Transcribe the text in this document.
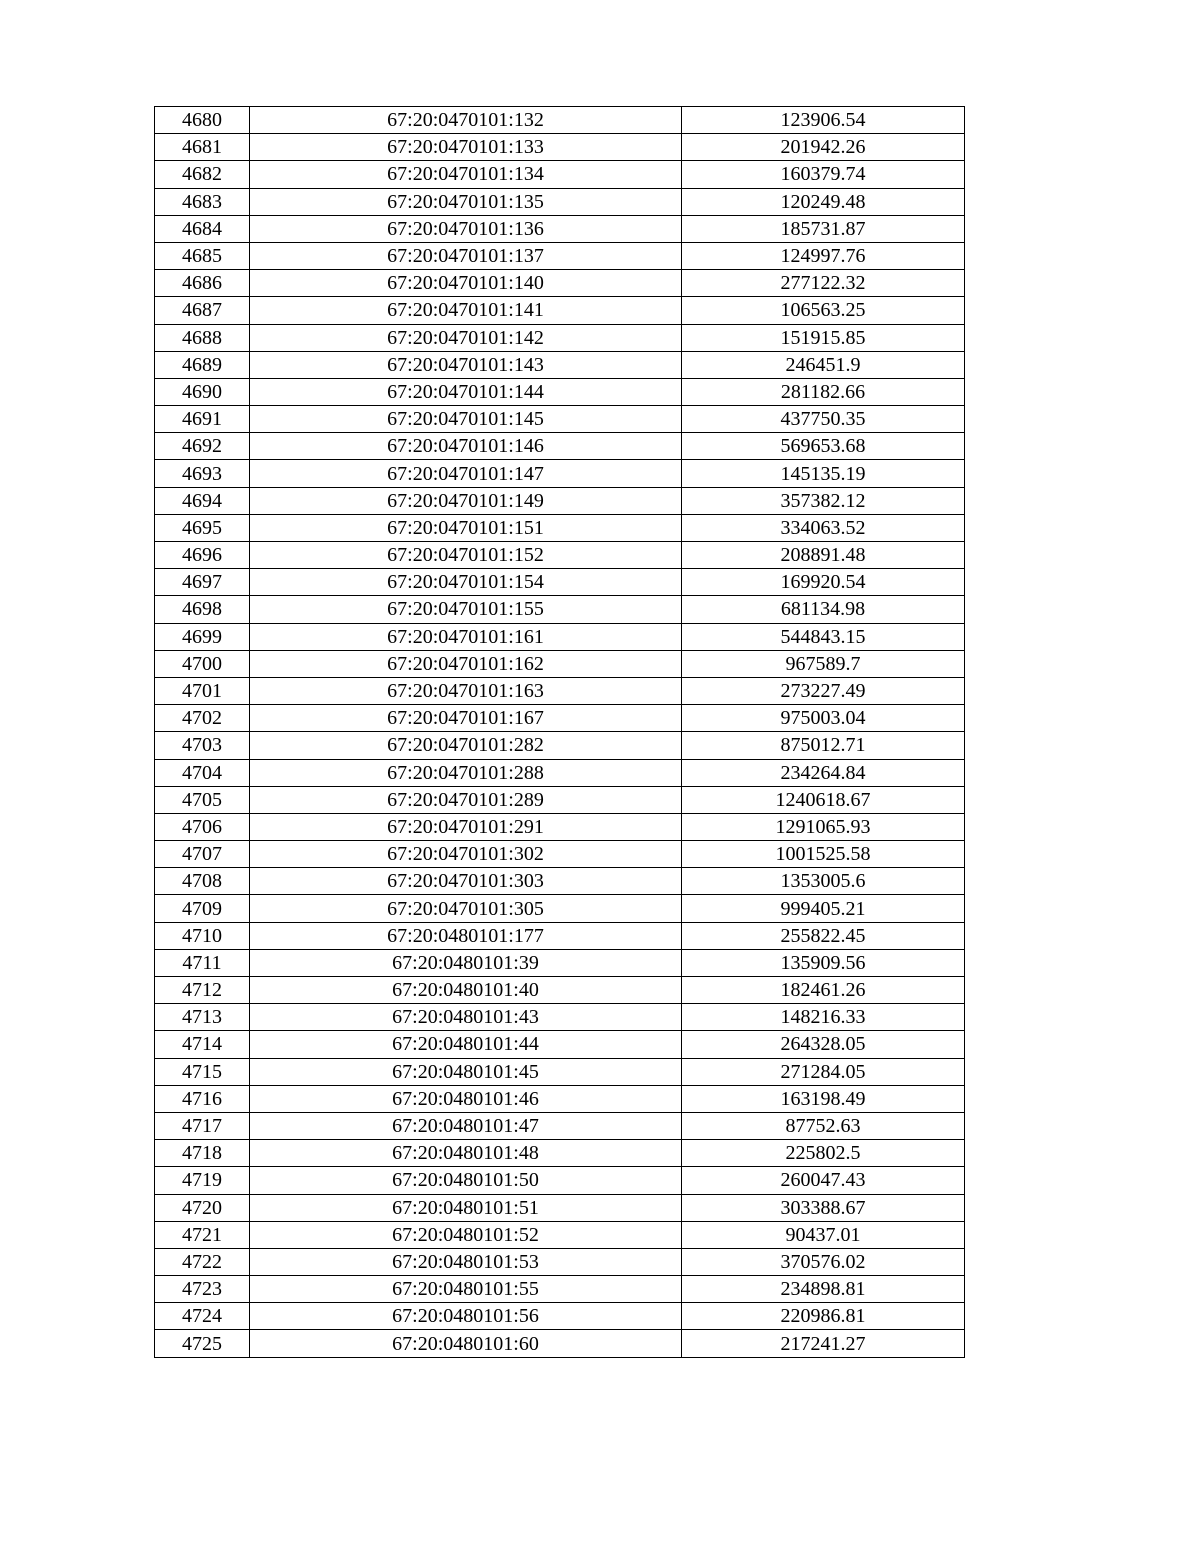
4680	67:20:0470101:132	123906.54
4681	67:20:0470101:133	201942.26
4682	67:20:0470101:134	160379.74
4683	67:20:0470101:135	120249.48
4684	67:20:0470101:136	185731.87
4685	67:20:0470101:137	124997.76
4686	67:20:0470101:140	277122.32
4687	67:20:0470101:141	106563.25
4688	67:20:0470101:142	151915.85
4689	67:20:0470101:143	246451.9
4690	67:20:0470101:144	281182.66
4691	67:20:0470101:145	437750.35
4692	67:20:0470101:146	569653.68
4693	67:20:0470101:147	145135.19
4694	67:20:0470101:149	357382.12
4695	67:20:0470101:151	334063.52
4696	67:20:0470101:152	208891.48
4697	67:20:0470101:154	169920.54
4698	67:20:0470101:155	681134.98
4699	67:20:0470101:161	544843.15
4700	67:20:0470101:162	967589.7
4701	67:20:0470101:163	273227.49
4702	67:20:0470101:167	975003.04
4703	67:20:0470101:282	875012.71
4704	67:20:0470101:288	234264.84
4705	67:20:0470101:289	1240618.67
4706	67:20:0470101:291	1291065.93
4707	67:20:0470101:302	1001525.58
4708	67:20:0470101:303	1353005.6
4709	67:20:0470101:305	999405.21
4710	67:20:0480101:177	255822.45
4711	67:20:0480101:39	135909.56
4712	67:20:0480101:40	182461.26
4713	67:20:0480101:43	148216.33
4714	67:20:0480101:44	264328.05
4715	67:20:0480101:45	271284.05
4716	67:20:0480101:46	163198.49
4717	67:20:0480101:47	87752.63
4718	67:20:0480101:48	225802.5
4719	67:20:0480101:50	260047.43
4720	67:20:0480101:51	303388.67
4721	67:20:0480101:52	90437.01
4722	67:20:0480101:53	370576.02
4723	67:20:0480101:55	234898.81
4724	67:20:0480101:56	220986.81
4725	67:20:0480101:60	217241.27
